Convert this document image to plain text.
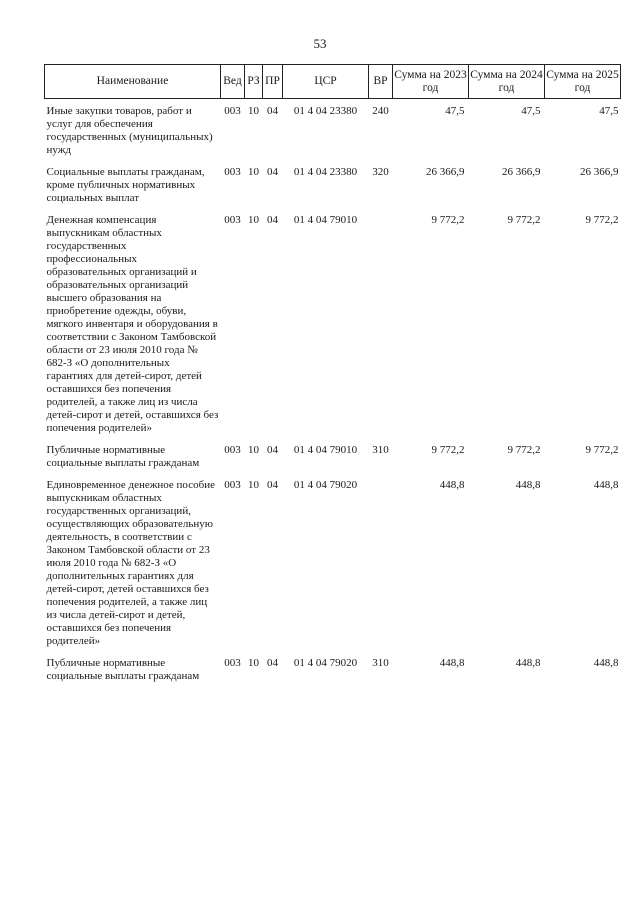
53
Наименование	Вед	РЗ	ПР	ЦСР	ВР	Сумма на 2023 год	Сумма на 2024 год	Сумма на 2025 год
Иные закупки товаров, работ и услуг для обеспечения государственных (муниципальных) нужд	003	10	04	01 4 04 23380	240	47,5	47,5	47,5
Социальные выплаты гражданам, кроме публичных нормативных социальных выплат	003	10	04	01 4 04 23380	320	26 366,9	26 366,9	26 366,9
Денежная компенсация выпускникам областных государственных профессиональных образовательных организаций и образовательных организаций высшего образования на приобретение одежды, обуви, мягкого инвентаря и оборудования в соответствии с Законом Тамбовской области от 23 июля 2010 года № 682-З «О дополнительных гарантиях для детей-сирот, детей оставшихся без попечения родителей, а также лиц из числа детей-сирот и детей, оставшихся без попечения родителей»	003	10	04	01 4 04 79010		9 772,2	9 772,2	9 772,2
Публичные нормативные социальные выплаты гражданам	003	10	04	01 4 04 79010	310	9 772,2	9 772,2	9 772,2
Единовременное денежное пособие выпускникам областных государственных организаций, осуществляющих образовательную деятельность, в соответствии с Законом Тамбовской области от 23 июля 2010 года № 682-З «О дополнительных гарантиях для детей-сирот, детей оставшихся без попечения родителей, а также лиц из числа детей-сирот и детей, оставшихся без попечения родителей»	003	10	04	01 4 04 79020		448,8	448,8	448,8
Публичные нормативные социальные выплаты гражданам	003	10	04	01 4 04 79020	310	448,8	448,8	448,8
